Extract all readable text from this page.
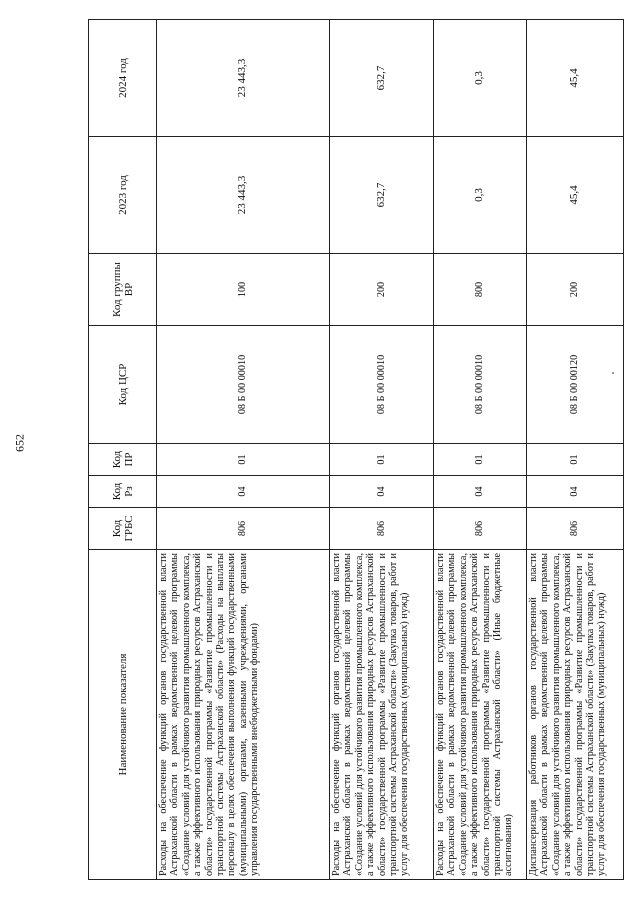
652
Наименование показателя	Код ГРБС	Код Рз	Код ПР	Код ЦСР	Код группы ВР	2023 год	2024 год
Расходы на обеспечение функций органов государственной власти Астраханской области в рамках ведомственной целевой программы «Создание условий для устойчивого развития промышленного комплекса, а также эффективного использования природных ресурсов Астраханской области» государственной программы «Развитие промышленности и транспортной системы Астраханской области» (Расходы на выплаты персоналу в целях обеспечения выполнения функций государственными (муниципальными) органами, казенными учреждениями, органами управления государственными внебюджетными фондами)	806	04	01	08 Б 00 00010	100	23 443,3	23 443,3
Расходы на обеспечение функций органов государственной власти Астраханской области в рамках ведомственной целевой программы «Создание условий для устойчивого развития промышленного комплекса, а также эффективного использования природных ресурсов Астраханской области» государственной программы «Развитие промышленности и транспортной системы Астраханской области» (Закупка товаров, работ и услуг для обеспечения государственных (муниципальных) нужд)	806	04	01	08 Б 00 00010	200	632,7	632,7
Расходы на обеспечение функций органов государственной власти Астраханской области в рамках ведомственной целевой программы «Создание условий для устойчивого развития промышленного комплекса, а также эффективного использования природных ресурсов Астраханской области» государственной программы «Развитие промышленности и транспортной системы Астраханской области» (Иные бюджетные ассигнования)	806	04	01	08 Б 00 00010	800	0,3	0,3
Диспансеризация работников органов государственной власти Астраханской области в рамках ведомственной целевой программы «Создание условий для устойчивого развития промышленного комплекса, а также эффективного использования природных ресурсов Астраханской области» государственной программы «Развитие промышленности и транспортной системы Астраханской области» (Закупка товаров, работ и услуг для обеспечения государственных (муниципальных) нужд)	806	04	01	08 Б 00 00120	200	45,4	45,4
